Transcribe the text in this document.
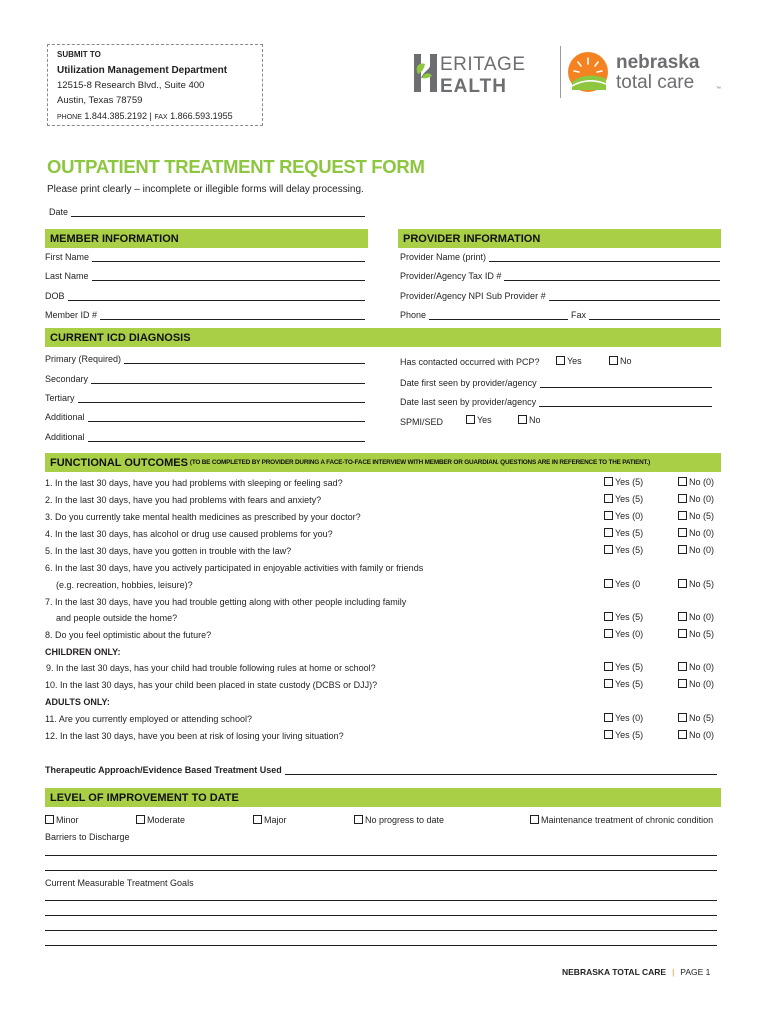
SUBMIT TO
Utilization Management Department
12515-8 Research Blvd., Suite 400
Austin, Texas 78759
PHONE 1.844.385.2192 | FAX 1.866.593.1955
ERITAGE
EALTH
nebraska
total care	™
OUTPATIENT TREATMENT REQUEST FORM
Please print clearly – incomplete or illegible forms will delay processing.
Date
MEMBER INFORMATION	PROVIDER INFORMATION
First Name
Last Name
DOB
Member ID #
Provider Name (print)
Provider/Agency Tax ID #
Provider/Agency NPI Sub Provider #
Phone	Fax
CURRENT ICD DIAGNOSIS
Primary (Required)
Secondary
Tertiary
Additional
Additional
Has contacted occurred with PCP?	Yes	No
Date first seen by provider/agency
Date last seen by provider/agency
SPMI/SED	Yes	No
FUNCTIONAL OUTCOMES (TO BE COMPLETED BY PROVIDER DURING A FACE-TO-FACE INTERVIEW WITH MEMBER OR GUARDIAN. QUESTIONS ARE IN REFERENCE TO THE PATIENT.)
1. In the last 30 days, have you had problems with sleeping or feeling sad?	Yes (5)	No (0)
2. In the last 30 days, have you had problems with fears and anxiety?	Yes (5)	No (0)
3. Do you currently take mental health medicines as prescribed by your doctor?	Yes (0)	No (5)
4. In the last 30 days, has alcohol or drug use caused problems for you?	Yes (5)	No (0)
5. In the last 30 days, have you gotten in trouble with the law?	Yes (5)	No (0)
6. In the last 30 days, have you actively participated in enjoyable activities with family or friends
(e.g. recreation, hobbies, leisure)?	Yes (0	No (5)
7. In the last 30 days, have you had trouble getting along with other people including family
and people outside the home?	Yes (5)	No (0)
8. Do you feel optimistic about the future?	Yes (0)	No (5)
CHILDREN ONLY:
9. In the last 30 days, has your child had trouble following rules at home or school?	Yes (5)	No (0)
10. In the last 30 days, has your child been placed in state custody (DCBS or DJJ)?	Yes (5)	No (0)
ADULTS ONLY:
11. Are you currently employed or attending school?	Yes (0)	No (5)
12. In the last 30 days, have you been at risk of losing your living situation?	Yes (5)	No (0)
Therapeutic Approach/Evidence Based Treatment Used
LEVEL OF IMPROVEMENT TO DATE
Minor	Moderate	Major	No progress to date	Maintenance treatment of chronic condition
Barriers to Discharge
Current Measurable Treatment Goals
NEBRASKA TOTAL CARE | PAGE 1
